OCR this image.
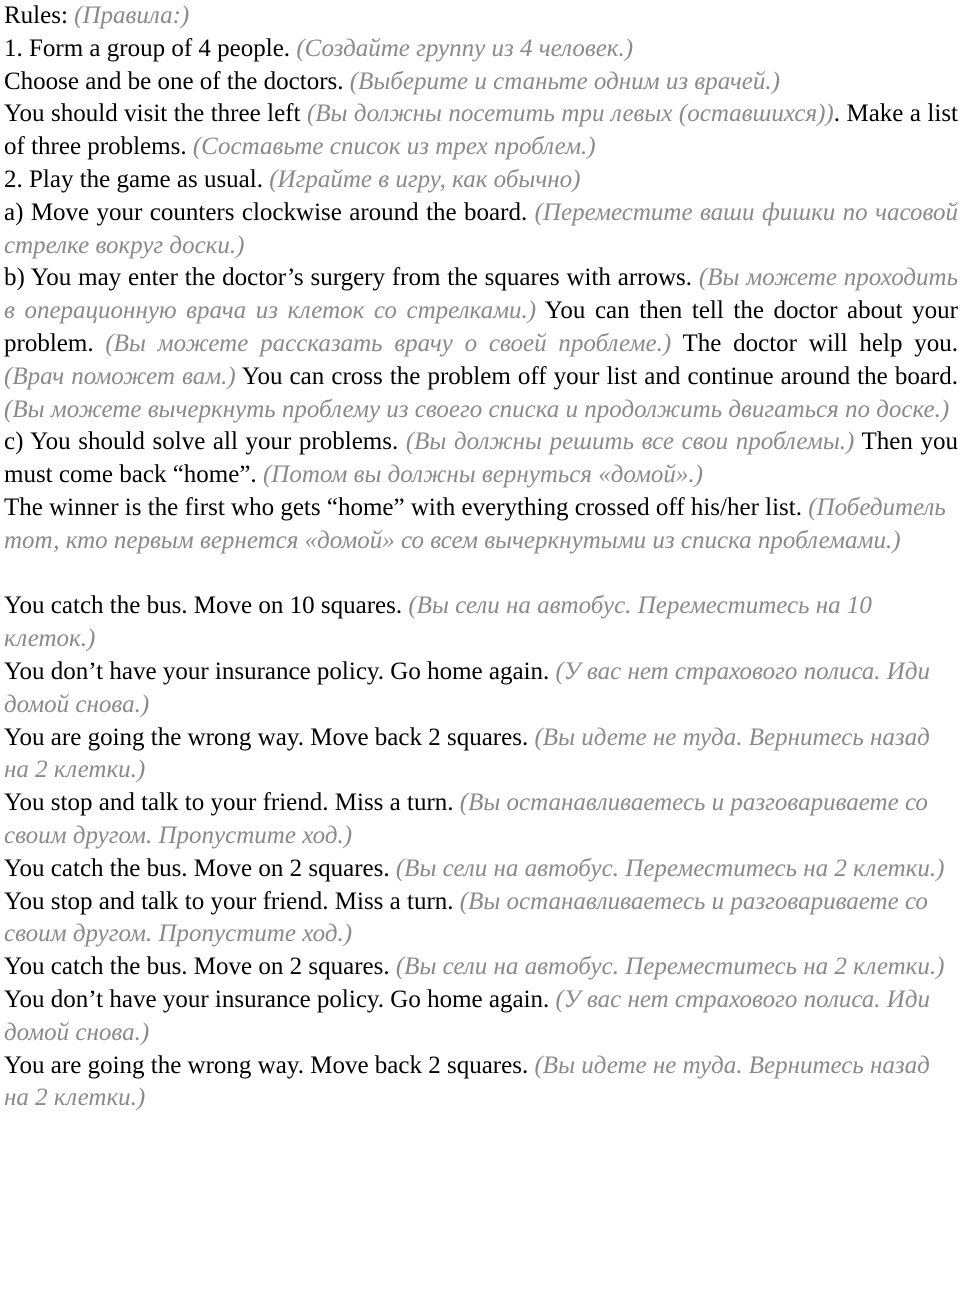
Rules: (Правила:)

1. Form a group of 4 people. (Создайте группу из 4 человек.)

Choose and be one of the doctors. (Выберите и станьте одним из врачей.)

You should visit the three left (Вы должны посетить три левых (оставшихся)). Make a list of three problems. (Составьте список из трех проблем.)

2. Play the game as usual. (Играйте в игру, как обычно)

a) Move your counters clockwise around the board. (Переместите ваши фишки по часовой стрелке вокруг доски.)

b) You may enter the doctor’s surgery from the squares with arrows. (Вы можете проходить в операционную врача из клеток со стрелками.) You can then tell the doctor about your problem. (Вы можете рассказать врачу о своей проблеме.) The doctor will help you. (Врач поможет вам.) You can cross the problem off your list and continue around the board. (Вы можете вычеркнуть проблему из своего списка и продолжить двигаться по доске.)

c) You should solve all your problems. (Вы должны решить все свои проблемы.) Then you must come back “home”. (Потом вы должны вернуться «домой».)

The winner is the first who gets “home” with everything crossed off his/her list. (Победитель тот, кто первым вернется «домой» со всем вычеркнутыми из списка проблемами.)

You catch the bus. Move on 10 squares. (Вы сели на автобус. Переместитесь на 10 клеток.)

You don’t have your insurance policy. Go home again. (У вас нет страхового полиса. Иди домой снова.)

You are going the wrong way. Move back 2 squares. (Вы идете не туда. Вернитесь назад на 2 клетки.)

You stop and talk to your friend. Miss a turn. (Вы останавливаетесь и разговариваете со своим другом. Пропустите ход.)

You catch the bus. Move on 2 squares. (Вы сели на автобус. Переместитесь на 2 клетки.)

You stop and talk to your friend. Miss a turn. (Вы останавливаетесь и разговариваете со своим другом. Пропустите ход.)

You catch the bus. Move on 2 squares. (Вы сели на автобус. Переместитесь на 2 клетки.)

You don’t have your insurance policy. Go home again. (У вас нет страхового полиса. Иди домой снова.)

You are going the wrong way. Move back 2 squares. (Вы идете не туда. Вернитесь назад на 2 клетки.)
